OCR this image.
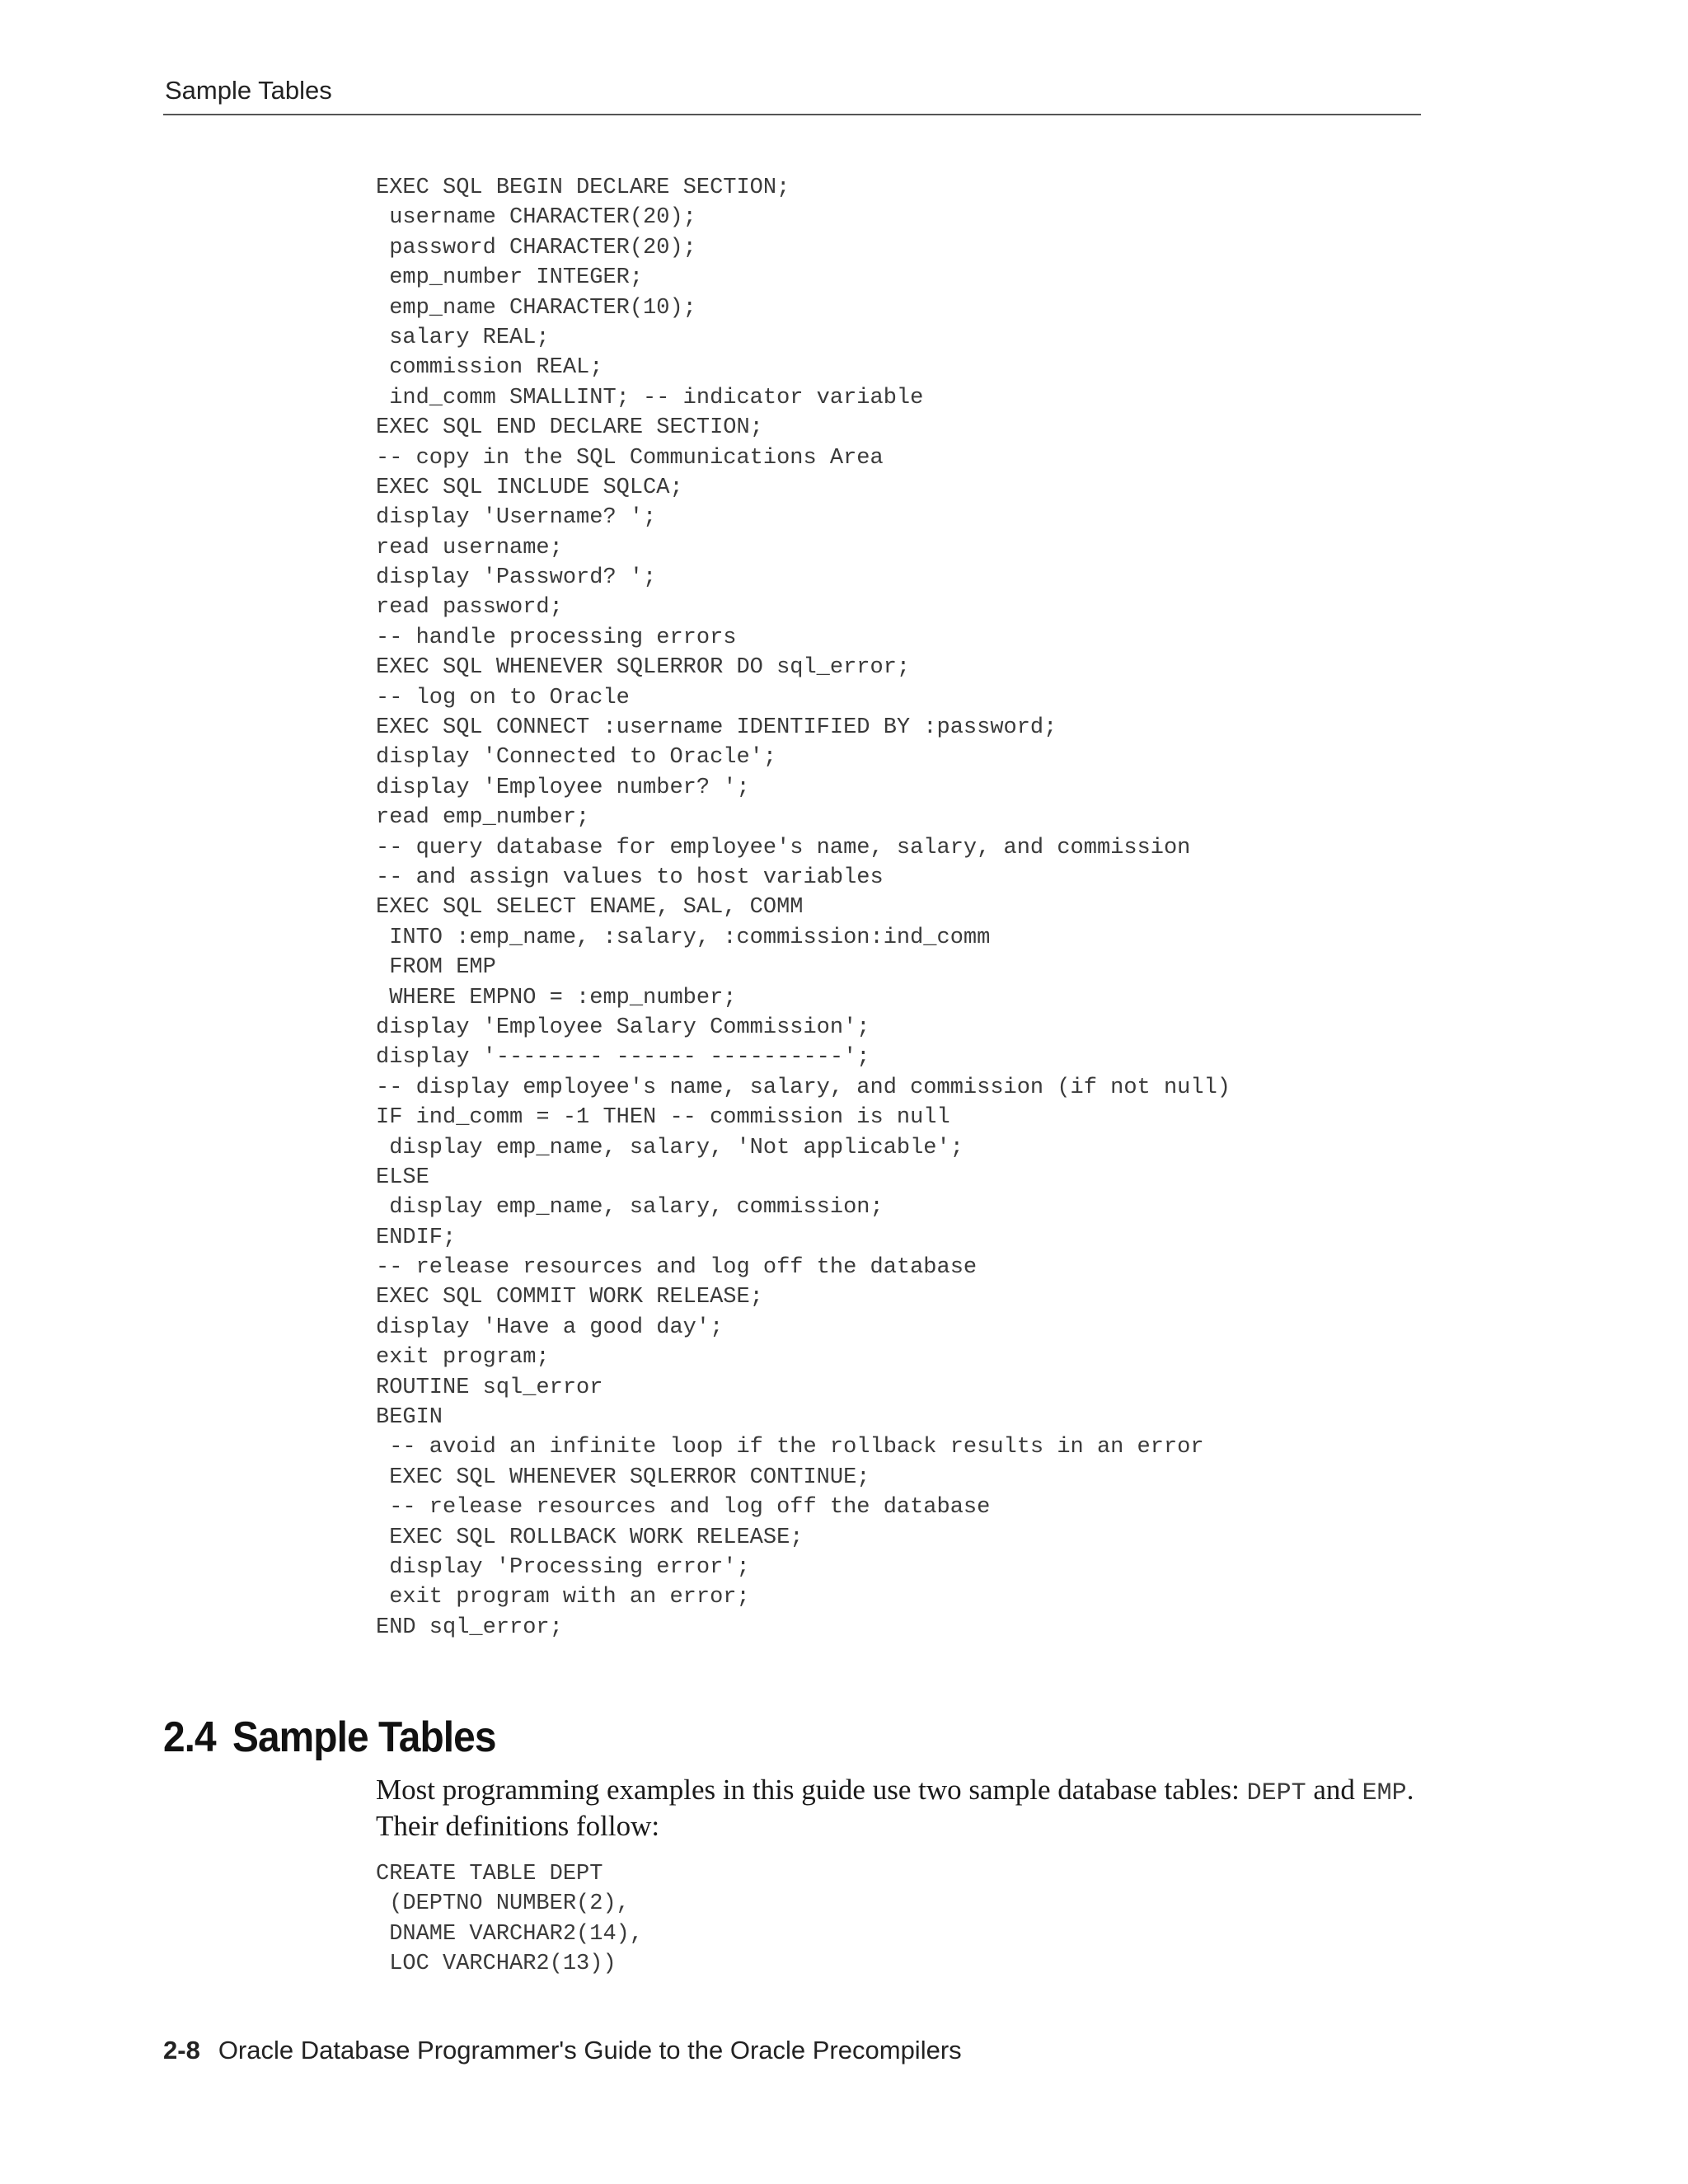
Sample Tables
EXEC SQL BEGIN DECLARE SECTION;
username CHARACTER(20);
password CHARACTER(20);
emp_number INTEGER;
emp_name CHARACTER(10);
salary REAL;
commission REAL;
ind_comm SMALLINT; -- indicator variable
EXEC SQL END DECLARE SECTION;
-- copy in the SQL Communications Area
EXEC SQL INCLUDE SQLCA;
display 'Username? ';
read username;
display 'Password? ';
read password;
-- handle processing errors
EXEC SQL WHENEVER SQLERROR DO sql_error;
-- log on to Oracle
EXEC SQL CONNECT :username IDENTIFIED BY :password;
display 'Connected to Oracle';
display 'Employee number? ';
read emp_number;
-- query database for employee's name, salary, and commission
-- and assign values to host variables
EXEC SQL SELECT ENAME, SAL, COMM
INTO :emp_name, :salary, :commission:ind_comm
FROM EMP
WHERE EMPNO = :emp_number;
display 'Employee Salary Commission';
display '-------- ------ ----------';
-- display employee's name, salary, and commission (if not null)
IF ind_comm = -1 THEN -- commission is null
display emp_name, salary, 'Not applicable';
ELSE
display emp_name, salary, commission;
ENDIF;
-- release resources and log off the database
EXEC SQL COMMIT WORK RELEASE;
display 'Have a good day';
exit program;
ROUTINE sql_error
BEGIN
-- avoid an infinite loop if the rollback results in an error
EXEC SQL WHENEVER SQLERROR CONTINUE;
-- release resources and log off the database
EXEC SQL ROLLBACK WORK RELEASE;
display 'Processing error';
exit program with an error;
END sql_error;
2.4 Sample Tables

Most programming examples in this guide use two sample database tables: DEPT and EMP. Their definitions follow:

CREATE TABLE DEPT
(DEPTNO NUMBER(2),
DNAME VARCHAR2(14),
LOC VARCHAR2(13))
2-8 Oracle Database Programmer's Guide to the Oracle Precompilers
